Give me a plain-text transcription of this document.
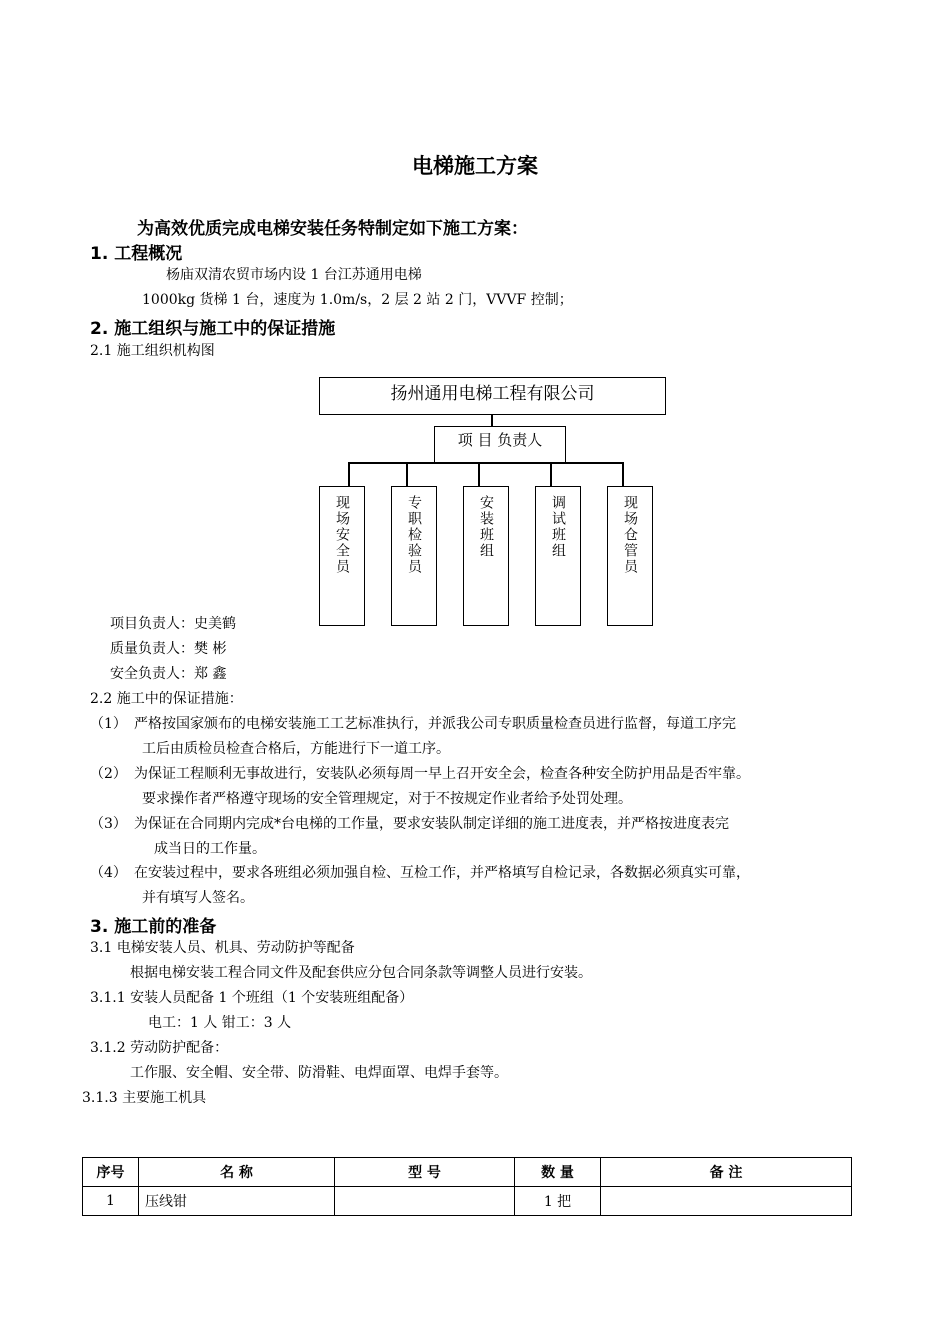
电梯施工方案
为高效优质完成电梯安装任务特制定如下施工方案：
1. 工程概况
杨庙双清农贸市场内设 1 台江苏通用电梯
1000kg 货梯 1 台，速度为 1.0m/s，2 层 2 站 2 门，VVVF 控制；
2. 施工组织与施工中的保证措施
2.1 施工组织机构图
扬州通用电梯工程有限公司
项 目 负责人
现场安全员	专职检验员	安装班组	调试班组	现场仓管员
项目负责人：史美鹤
质量负责人：樊 彬
安全负责人：郑 鑫
2.2 施工中的保证措施：
（1） 严格按国家颁布的电梯安装施工工艺标准执行，并派我公司专职质量检查员进行监督，每道工序完
工后由质检员检查合格后，方能进行下一道工序。
（2） 为保证工程顺利无事故进行，安装队必须每周一早上召开安全会，检查各种安全防护用品是否牢靠。
要求操作者严格遵守现场的安全管理规定，对于不按规定作业者给予处罚处理。
（3） 为保证在合同期内完成*台电梯的工作量，要求安装队制定详细的施工进度表，并严格按进度表完
成当日的工作量。
（4） 在安装过程中，要求各班组必须加强自检、互检工作，并严格填写自检记录，各数据必须真实可靠，
并有填写人签名。
3. 施工前的准备
3.1 电梯安装人员、机具、劳动防护等配备
根据电梯安装工程合同文件及配套供应分包合同条款等调整人员进行安装。
3.1.1 安装人员配备 1 个班组（1 个安装班组配备）
电工：1 人 钳工：3 人
3.1.2 劳动防护配备：
工作服、安全帽、安全带、防滑鞋、电焊面罩、电焊手套等。
3.1.3 主要施工机具
序号	名 称	型 号	数 量	备 注
1	压线钳		1 把	
